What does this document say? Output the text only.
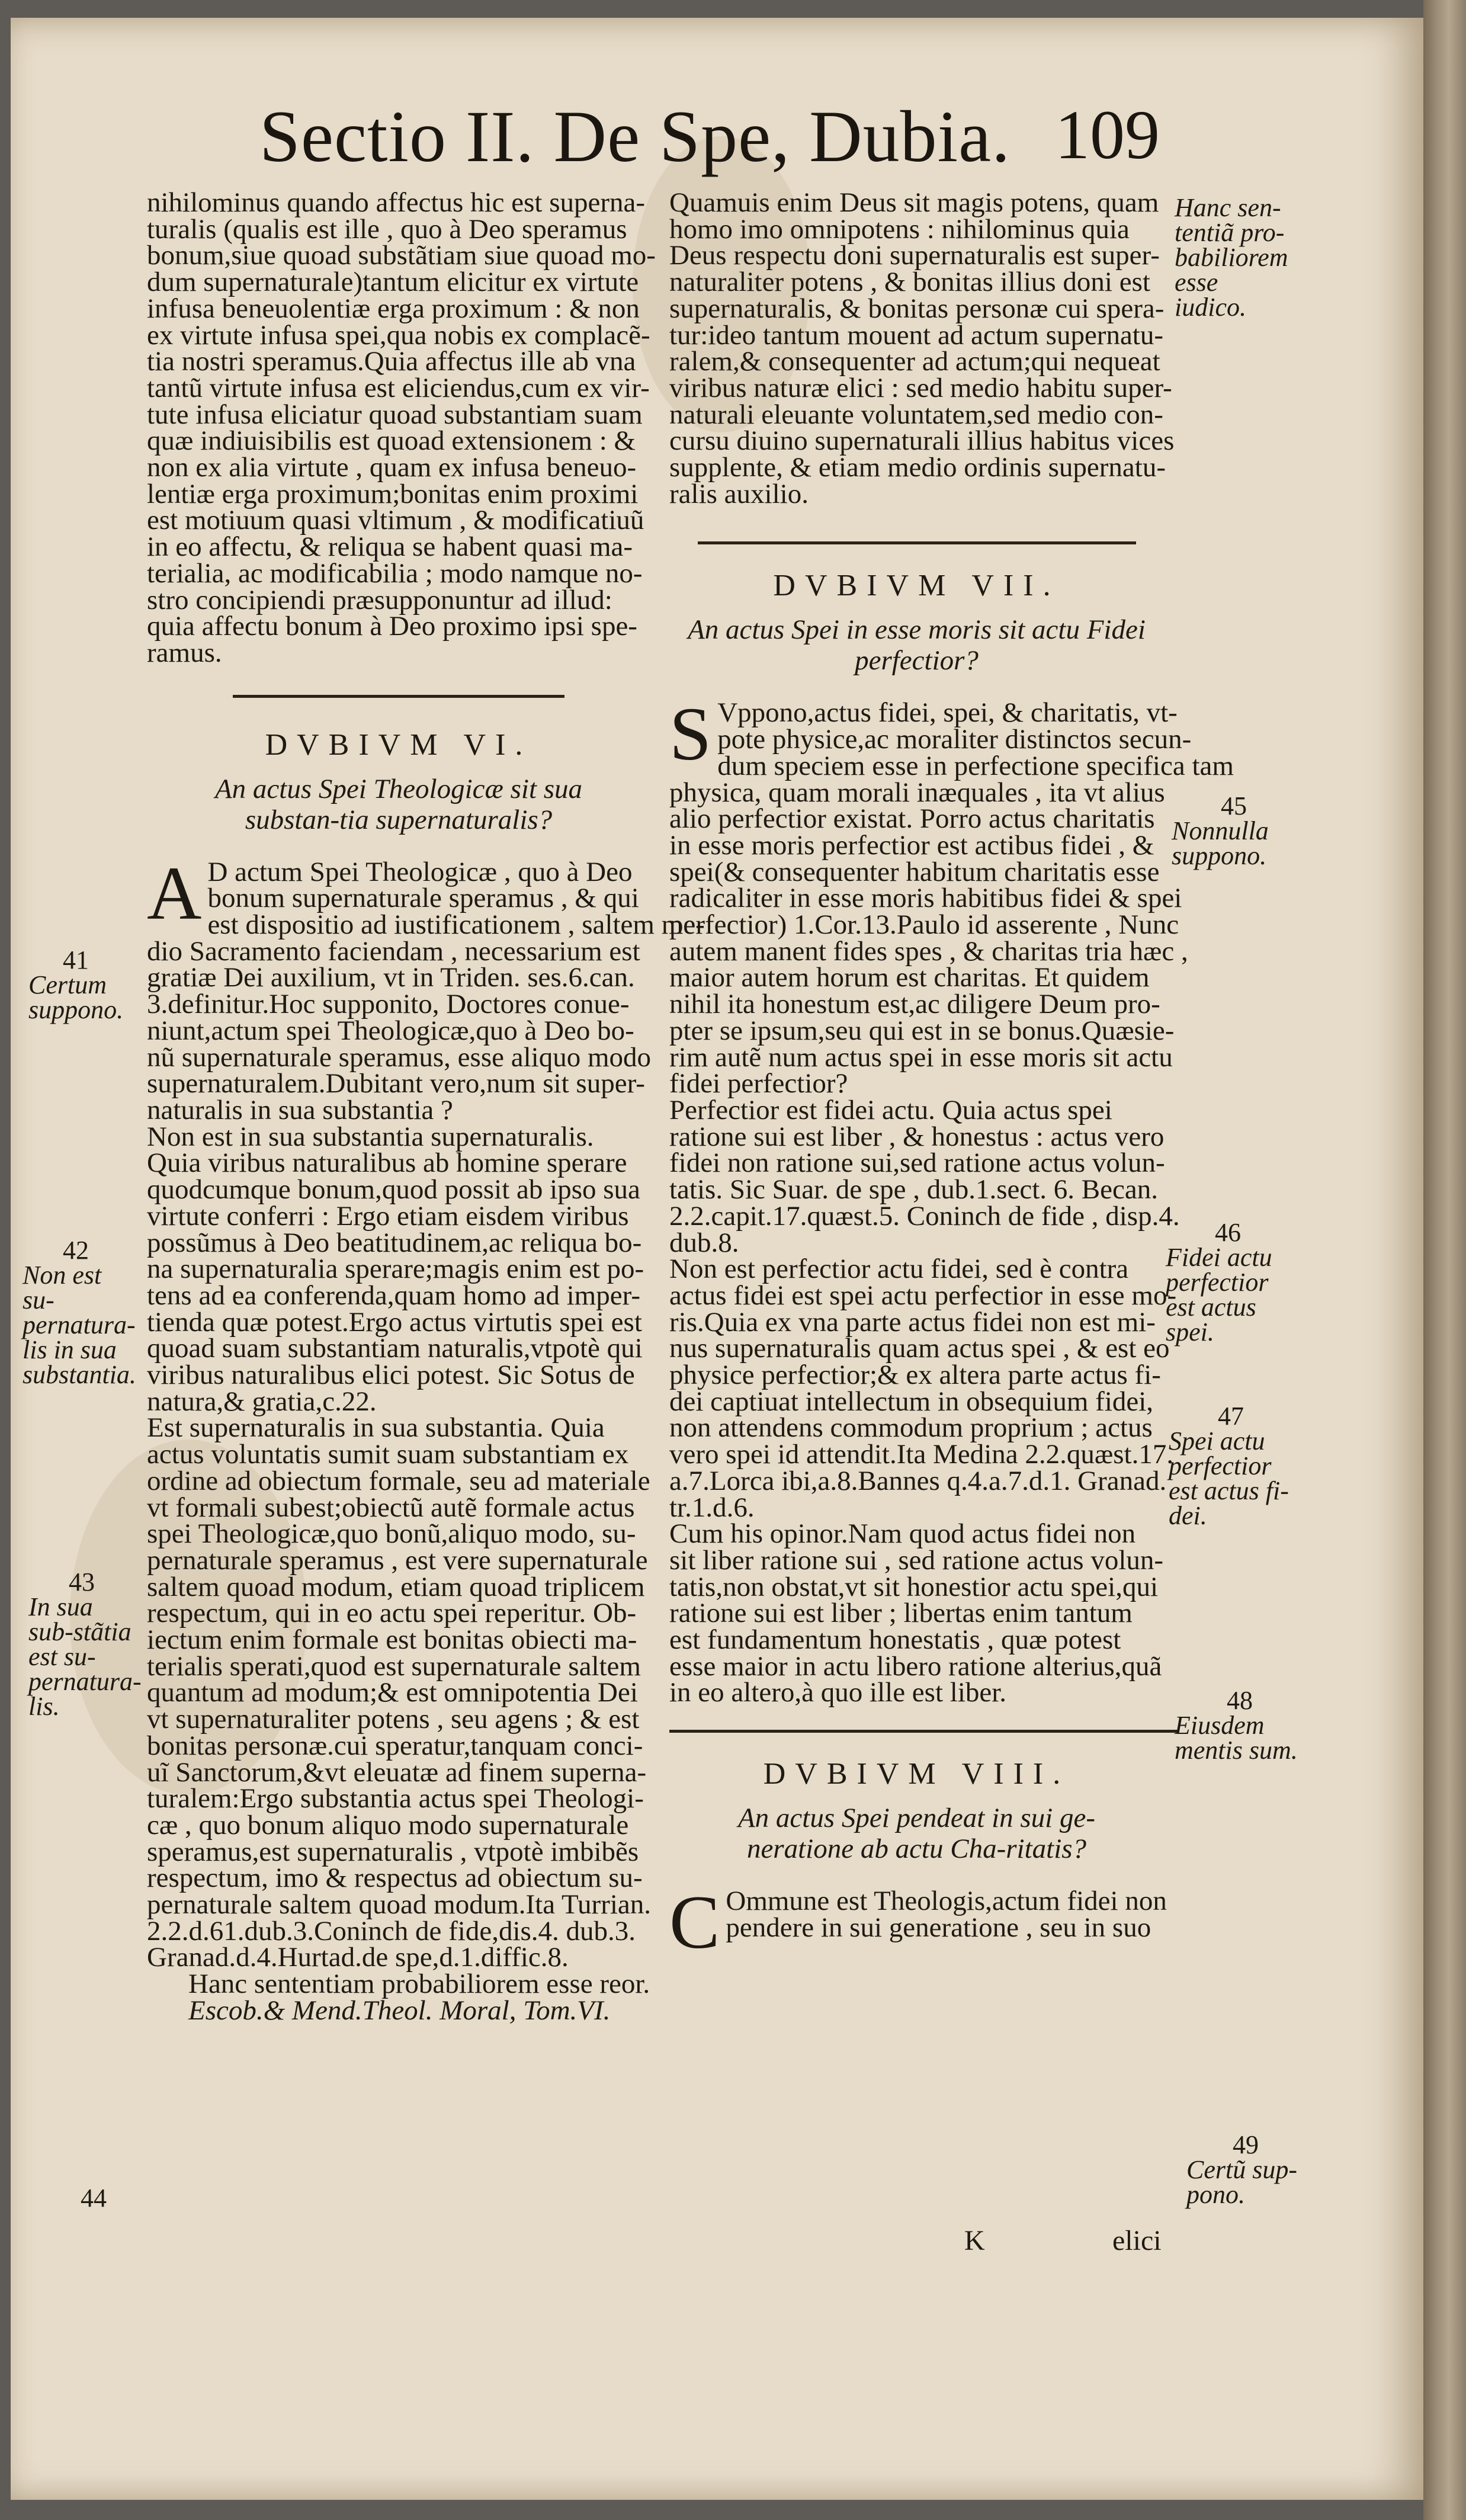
Sectio II. De Spe, Dubia. 109
nihilominus quando affectus hic est superna-
turalis (qualis est ille , quo à Deo speramus
bonum,siue quoad substãtiam siue quoad mo-
dum supernaturale)tantum elicitur ex virtute
infusa beneuolentiæ erga proximum : & non
ex virtute infusa spei,qua nobis ex complacẽ-
tia nostri speramus.Quia affectus ille ab vna
tantũ virtute infusa est eliciendus,cum ex vir-
tute infusa eliciatur quoad substantiam suam
quæ indiuisibilis est quoad extensionem : &
non ex alia virtute , quam ex infusa beneuo-
lentiæ erga proximum;bonitas enim proximi
est motiuum quasi vltimum , & modificatiuũ
in eo affectu, & reliqua se habent quasi ma-
terialia, ac modificabilia ; modo namque no-
stro concipiendi præsupponuntur ad illud:
quia affectu bonum à Deo proximo ipsi spe-
ramus.
DVBIVM VI.
An actus Spei Theologicæ sit sua substan-tia supernaturalis?
A D actum Spei Theologicæ , quo à Deo
bonum supernaturale speramus , & qui
est dispositio ad iustificationem , saltem me-
dio Sacramento faciendam , necessarium est
gratiæ Dei auxilium, vt in Triden. ses.6.can.
3.definitur.Hoc supponito, Doctores conue-
niunt,actum spei Theologicæ,quo à Deo bo-
nũ supernaturale speramus, esse aliquo modo
supernaturalem.Dubitant vero,num sit super-
naturalis in sua substantia ?
Non est in sua substantia supernaturalis.
Quia viribus naturalibus ab homine sperare
quodcumque bonum,quod possit ab ipso sua
virtute conferri : Ergo etiam eisdem viribus
possũmus à Deo beatitudinem,ac reliqua bo-
na supernaturalia sperare;magis enim est po-
tens ad ea conferenda,quam homo ad imper-
tienda quæ potest.Ergo actus virtutis spei est
quoad suam substantiam naturalis,vtpotè qui
viribus naturalibus elici potest. Sic Sotus de
natura,& gratia,c.22.
Est supernaturalis in sua substantia. Quia
actus voluntatis sumit suam substantiam ex
ordine ad obiectum formale, seu ad materiale
vt formali subest;obiectũ autẽ formale actus
spei Theologicæ,quo bonũ,aliquo modo, su-
pernaturale speramus , est vere supernaturale
saltem quoad modum, etiam quoad triplicem
respectum, qui in eo actu spei reperitur. Ob-
iectum enim formale est bonitas obiecti ma-
terialis sperati,quod est supernaturale saltem
quantum ad modum;& est omnipotentia Dei
vt supernaturaliter potens , seu agens ; & est
bonitas personæ.cui speratur,tanquam conci-
uĩ Sanctorum,&vt eleuatæ ad finem superna-
turalem:Ergo substantia actus spei Theologi-
cæ , quo bonum aliquo modo supernaturale
speramus,est supernaturalis , vtpotè imbibẽs
respectum, imo & respectus ad obiectum su-
pernaturale saltem quoad modum.Ita Turrian.
2.2.d.61.dub.3.Coninch de fide,dis.4. dub.3.
Granad.d.4.Hurtad.de spe,d.1.diffic.8.
Hanc sententiam probabiliorem esse reor.
Escob.& Mend.Theol. Moral, Tom.VI.
Quamuis enim Deus sit magis potens, quam
homo imo omnipotens : nihilominus quia
Deus respectu doni supernaturalis est super-
naturaliter potens , & bonitas illius doni est
supernaturalis, & bonitas personæ cui spera-
tur:ideo tantum mouent ad actum supernatu-
ralem,& consequenter ad actum;qui nequeat
viribus naturæ elici : sed medio habitu super-
naturali eleuante voluntatem,sed medio con-
cursu diuino supernaturali illius habitus vices
supplente, & etiam medio ordinis supernatu-
ralis auxilio.
DVBIVM VII.
An actus Spei in esse moris sit actu Fidei perfectior?
S Vppono,actus fidei, spei, & charitatis, vt-
pote physice,ac moraliter distinctos secun-
dum speciem esse in perfectione specifica tam
physica, quam morali inæquales , ita vt alius
alio perfectior existat. Porro actus charitatis
in esse moris perfectior est actibus fidei , &
spei(& consequenter habitum charitatis esse
radicaliter in esse moris habitibus fidei & spei
perfectior) 1.Cor.13.Paulo id asserente , Nunc
autem manent fides spes , & charitas tria hæc ,
maior autem horum est charitas. Et quidem
nihil ita honestum est,ac diligere Deum pro-
pter se ipsum,seu qui est in se bonus.Quæsie-
rim autẽ num actus spei in esse moris sit actu
fidei perfectior?
Perfectior est fidei actu. Quia actus spei
ratione sui est liber , & honestus : actus vero
fidei non ratione sui,sed ratione actus volun-
tatis. Sic Suar. de spe , dub.1.sect. 6. Becan.
2.2.capit.17.quæst.5. Coninch de fide , disp.4.
dub.8.
Non est perfectior actu fidei, sed è contra
actus fidei est spei actu perfectior in esse mo-
ris.Quia ex vna parte actus fidei non est mi-
nus supernaturalis quam actus spei , & est eo
physice perfectior;& ex altera parte actus fi-
dei captiuat intellectum in obsequium fidei,
non attendens commodum proprium ; actus
vero spei id attendit.Ita Medina 2.2.quæst.17.
a.7.Lorca ibi,a.8.Bannes q.4.a.7.d.1. Granad.
tr.1.d.6.
Cum his opinor.Nam quod actus fidei non
sit liber ratione sui , sed ratione actus volun-
tatis,non obstat,vt sit honestior actu spei,qui
ratione sui est liber ; libertas enim tantum
est fundamentum honestatis , quæ potest
esse maior in actu libero ratione alterius,quã
in eo altero,à quo ille est liber.
DVBIVM VIII.
An actus Spei pendeat in sui ge-neratione ab actu Cha-ritatis?
C Ommune est Theologis,actum fidei non
pendere in sui generatione , seu in suo
41
Certum suppono.
42
Non est su-pernatura-lis in sua substantia.
43
In sua sub-stãtia est su-pernatura-lis.
44
Hanc sen-tentiã pro-babiliorem esse iudico.
45
Nonnulla suppono.
46
Fidei actu perfectior est actus spei.
47
Spei actu perfectior est actus fi-dei.
48
Eiusdem mentis sum.
49
Certũ sup-pono.
K	elici
